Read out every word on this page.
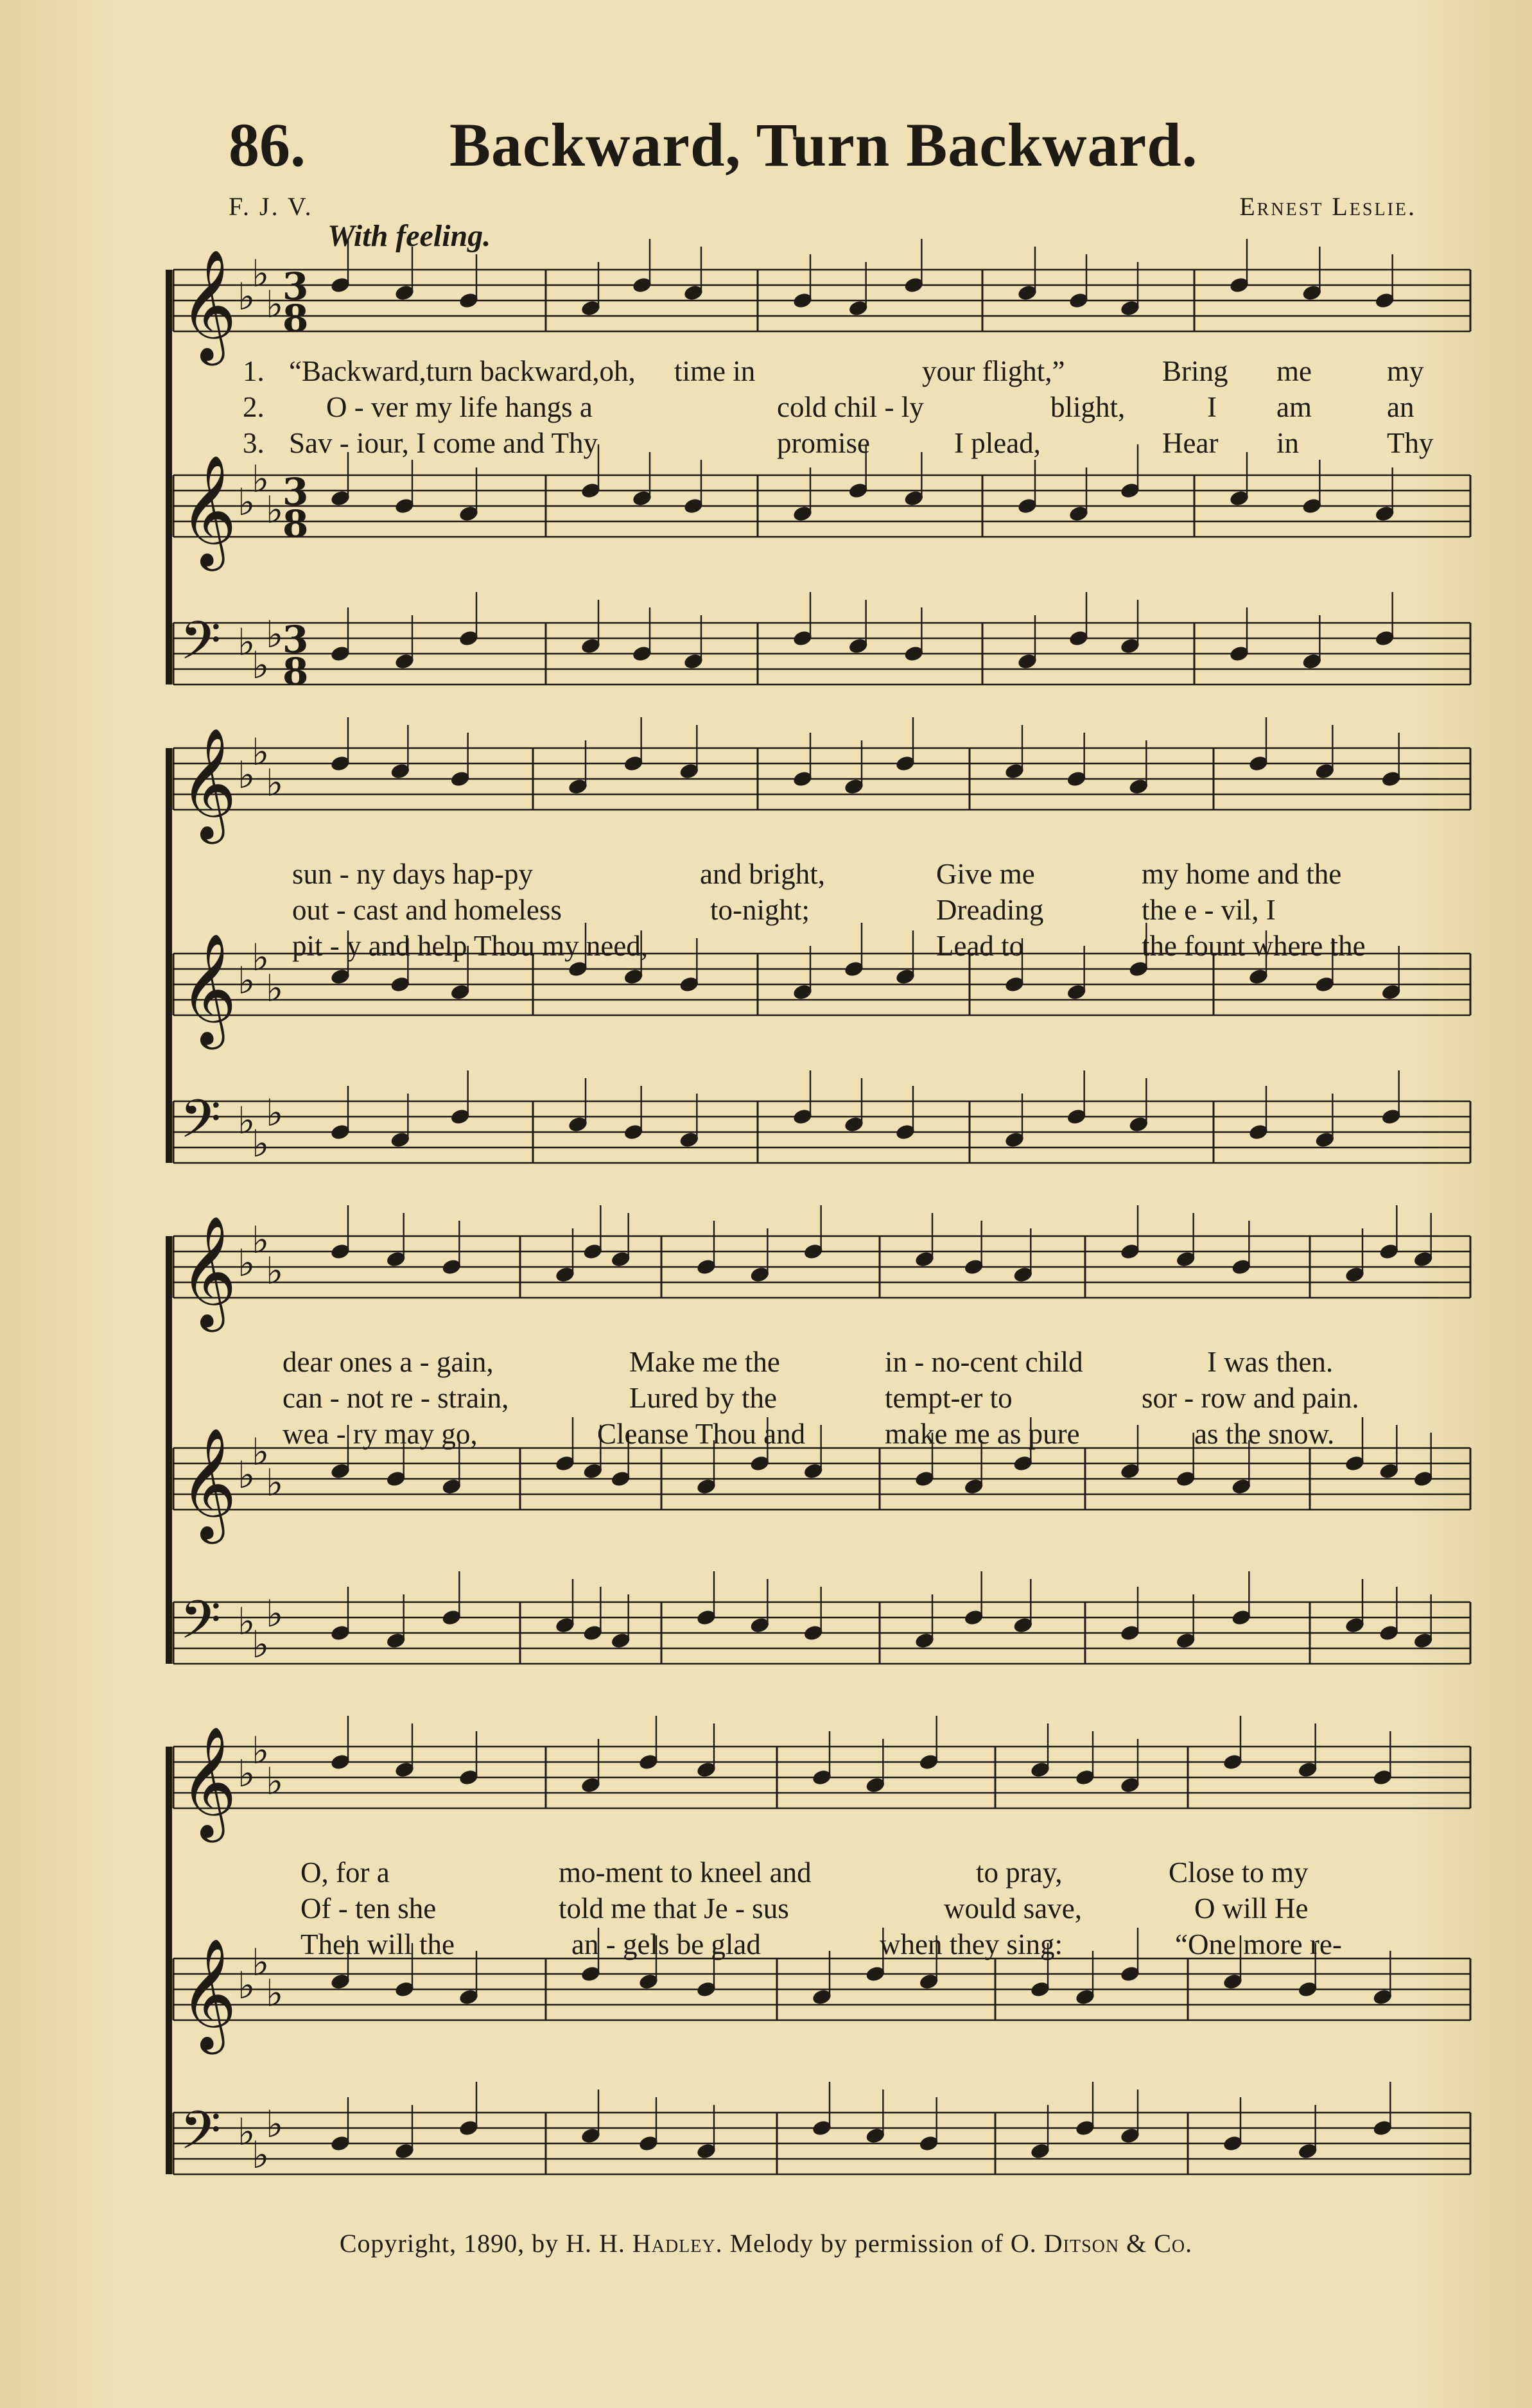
86. Backward, Turn Backward.
F. J. V.	Ernest Leslie.
With feeling.
𝄞 ♭
♭
♭
3
8
𝄞 ♭
♭
♭
3
8
𝄢 ♭
♭
♭
3
8
1. “Backward,turn backward,oh, time in	your flight,”	Bring me	my
2. O - ver my life hangs a	cold chil - ly	blight,	I am	an
3. Sav - iour, I come and Thy	promise	I plead,	Hear in	Thy
𝄞 ♭
♭
♭
𝄞 ♭
♭
♭
𝄢 ♭
♭
♭
sun - ny days hap-py	and bright,	Give me	my home and the
out - cast and homeless	to-night;	Dreading	the e - vil, I
pit - y and help Thou my need,	Lead to	the fount where the
𝄞 ♭
♭
♭
𝄞 ♭
♭
♭
𝄢 ♭
♭
♭
dear ones a - gain,	Make me the	in - no-cent child	I was then.
can - not re - strain,	Lured by the	tempt-er to	sor - row and pain.
wea - ry may go,	Cleanse Thou and	make me as pure	as the snow.
𝄞 ♭
♭
♭
𝄞 ♭
♭
♭
𝄢 ♭
♭
♭
O, for a	mo-ment to kneel and	to pray,	Close to my
Of - ten she	told me that Je - sus	would save,	O will He
Then will the	an - gels be glad	when they sing:	“One more re-
Copyright, 1890, by H. H. Hadley. Melody by permission of O. Ditson & Co.
